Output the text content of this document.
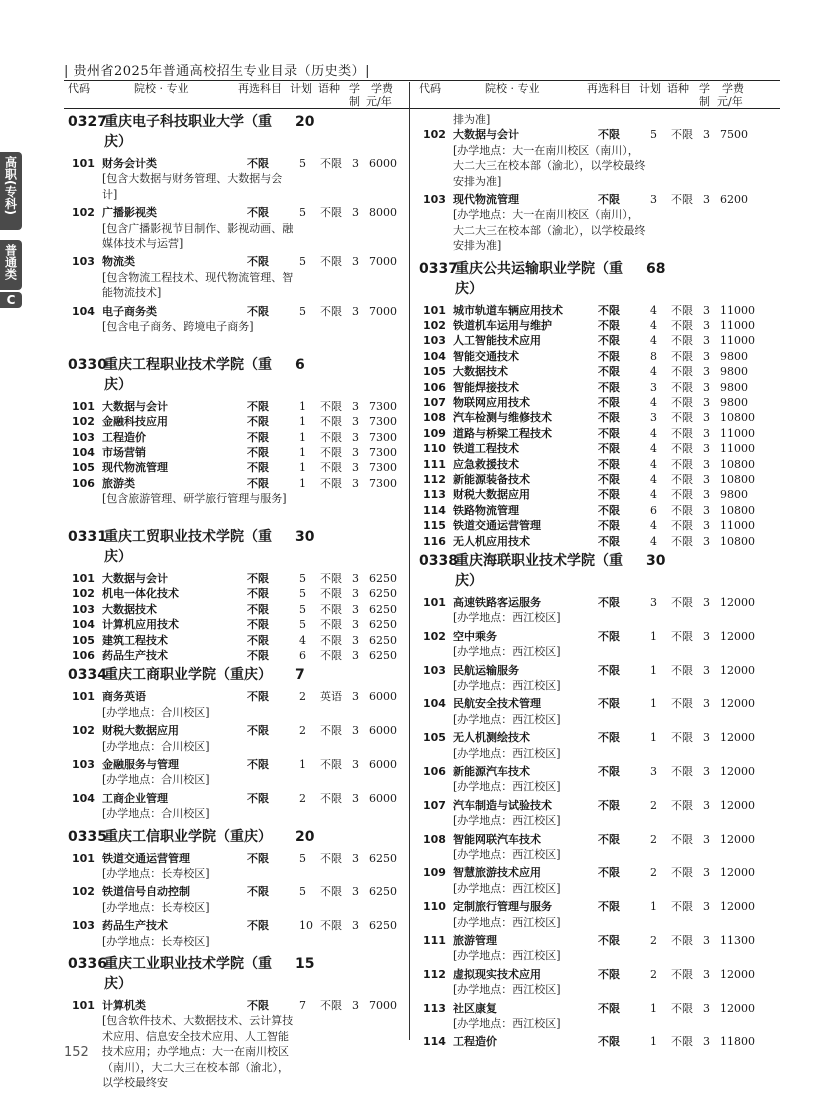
| 贵州省2025年普通高校招生专业目录（历史类）|
代码	院校 · 专业	再选科目 计划 语种 学
制
学费
元/年
代码	院校 · 专业	再选科目 计划 语种 学
制
学费
元/年
0327
重庆电子科技职业大学（重庆）
20
101 财务会计类	不限	5 不限 3 6000
[包含大数据与财务管理、大数据与会计]
102 广播影视类	不限	5 不限 3 8000
[包含广播影视节目制作、影视动画、融媒体技术与运营]
103 物流类	不限	5 不限 3 7000
[包含物流工程技术、现代物流管理、智能物流技术]
104 电子商务类	不限	5 不限 3 7000
[包含电子商务、跨境电子商务]
0330
重庆工程职业技术学院（重庆）
6
101 大数据与会计	不限	1 不限 3 7300
102 金融科技应用	不限	1 不限 3 7300
103 工程造价	不限	1 不限 3 7300
104 市场营销	不限	1 不限 3 7300
105 现代物流管理	不限	1 不限 3 7300
106 旅游类	不限	1 不限 3 7300
[包含旅游管理、研学旅行管理与服务]
0331
重庆工贸职业技术学院（重庆）
30
101 大数据与会计	不限	5 不限 3 6250
102 机电一体化技术	不限	5 不限 3 6250
103 大数据技术	不限	5 不限 3 6250
104 计算机应用技术	不限	5 不限 3 6250
105 建筑工程技术	不限	4 不限 3 6250
106 药品生产技术	不限	6 不限 3 6250
0334
重庆工商职业学院（重庆）	7
101 商务英语	不限	2 英语 3 6000
[办学地点：合川校区]
102 财税大数据应用	不限	2 不限 3 6000
[办学地点：合川校区]
103 金融服务与管理	不限	1 不限 3 6000
[办学地点：合川校区]
104 工商企业管理	不限	2 不限 3 6000
[办学地点：合川校区]
0335
重庆工信职业学院（重庆）	20
101 铁道交通运营管理	不限	5 不限 3 6250
[办学地点：长寿校区]
102 铁道信号自动控制	不限	5 不限 3 6250
[办学地点：长寿校区]
103 药品生产技术	不限	10 不限 3 6250
[办学地点：长寿校区]
0336
重庆工业职业技术学院（重庆）
15
101 计算机类	不限	7 不限 3 7000
[包含软件技术、大数据技术、云计算技术应用、信息安全技术应用、人工智能技术应用；办学地点：大一在南川校区（南川），大二大三在校本部（渝北），以学校最终安
排为准]
102 大数据与会计	不限	5 不限 3 7500
[办学地点：大一在南川校区（南川），大二大三在校本部（渝北），以学校最终安排为准]
103 现代物流管理	不限	3 不限 3 6200
[办学地点：大一在南川校区（南川），大二大三在校本部（渝北），以学校最终安排为准]
0337
重庆公共运输职业学院（重庆）
68
101 城市轨道车辆应用技术	不限	4 不限 3 11000
102 铁道机车运用与维护	不限	4 不限 3 11000
103 人工智能技术应用	不限	4 不限 3 11000
104 智能交通技术	不限	8 不限 3 9800
105 大数据技术	不限	4 不限 3 9800
106 智能焊接技术	不限	3 不限 3 9800
107 物联网应用技术	不限	4 不限 3 9800
108 汽车检测与维修技术	不限	3 不限 3 10800
109 道路与桥梁工程技术	不限	4 不限 3 11000
110 铁道工程技术	不限	4 不限 3 11000
111 应急救援技术	不限	4 不限 3 10800
112 新能源装备技术	不限	4 不限 3 10800
113 财税大数据应用	不限	4 不限 3 9800
114 铁路物流管理	不限	6 不限 3 10800
115 铁道交通运营管理	不限	4 不限 3 11000
116 无人机应用技术	不限	4 不限 3 10800
0338
重庆海联职业技术学院（重庆）
30
101 高速铁路客运服务	不限	3 不限 3 12000
[办学地点：西江校区]
102 空中乘务	不限	1 不限 3 12000
[办学地点：西江校区]
103 民航运输服务	不限	1 不限 3 12000
[办学地点：西江校区]
104 民航安全技术管理	不限	1 不限 3 12000
[办学地点：西江校区]
105 无人机测绘技术	不限	1 不限 3 12000
[办学地点：西江校区]
106 新能源汽车技术	不限	3 不限 3 12000
[办学地点：西江校区]
107 汽车制造与试验技术	不限	2 不限 3 12000
[办学地点：西江校区]
108 智能网联汽车技术	不限	2 不限 3 12000
[办学地点：西江校区]
109 智慧旅游技术应用	不限	2 不限 3 12000
[办学地点：西江校区]
110 定制旅行管理与服务	不限	1 不限 3 12000
[办学地点：西江校区]
111 旅游管理	不限	2 不限 3 11300
[办学地点：西江校区]
112 虚拟现实技术应用	不限	2 不限 3 12000
[办学地点：西江校区]
113 社区康复	不限	1 不限 3 12000
[办学地点：西江校区]
114 工程造价	不限	1 不限 3 11800
高职(专科)
普通类
C
152
